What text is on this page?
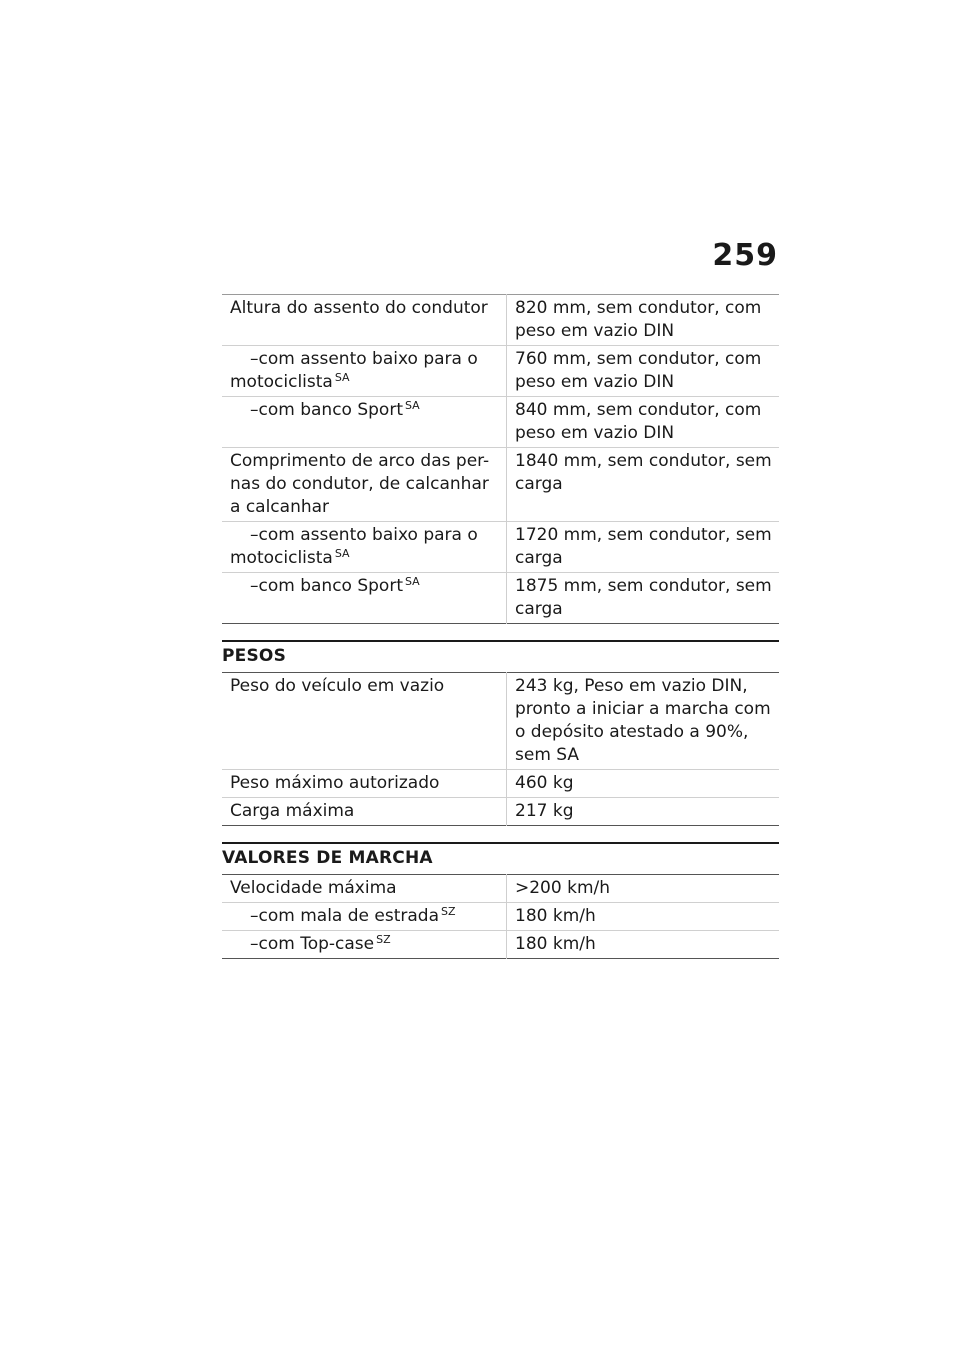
259
Altura do assento do condutor	820 mm, sem condutor, com peso em vazio DIN
–com assento baixo para o motociclista $^{SA}$	760 mm, sem condutor, com peso em vazio DIN
–com banco Sport $^{SA}$	840 mm, sem condutor, com peso em vazio DIN
Comprimento de arco das per-nas do condutor, de calcanhar a calcanhar	1840 mm, sem condutor, sem carga
–com assento baixo para o motociclista $^{SA}$	1720 mm, sem condutor, sem carga
–com banco Sport $^{SA}$	1875 mm, sem condutor, sem carga
PESOS
Peso do veículo em vazio	243 kg, Peso em vazio DIN, pronto a iniciar a marcha com o depósito atestado a 90%, sem SA
Peso máximo autorizado	460 kg
Carga máxima	217 kg
VALORES DE MARCHA
Velocidade máxima	>200 km/h
–com mala de estrada $^{SZ}$	180 km/h
–com Top-case $^{SZ}$	180 km/h
